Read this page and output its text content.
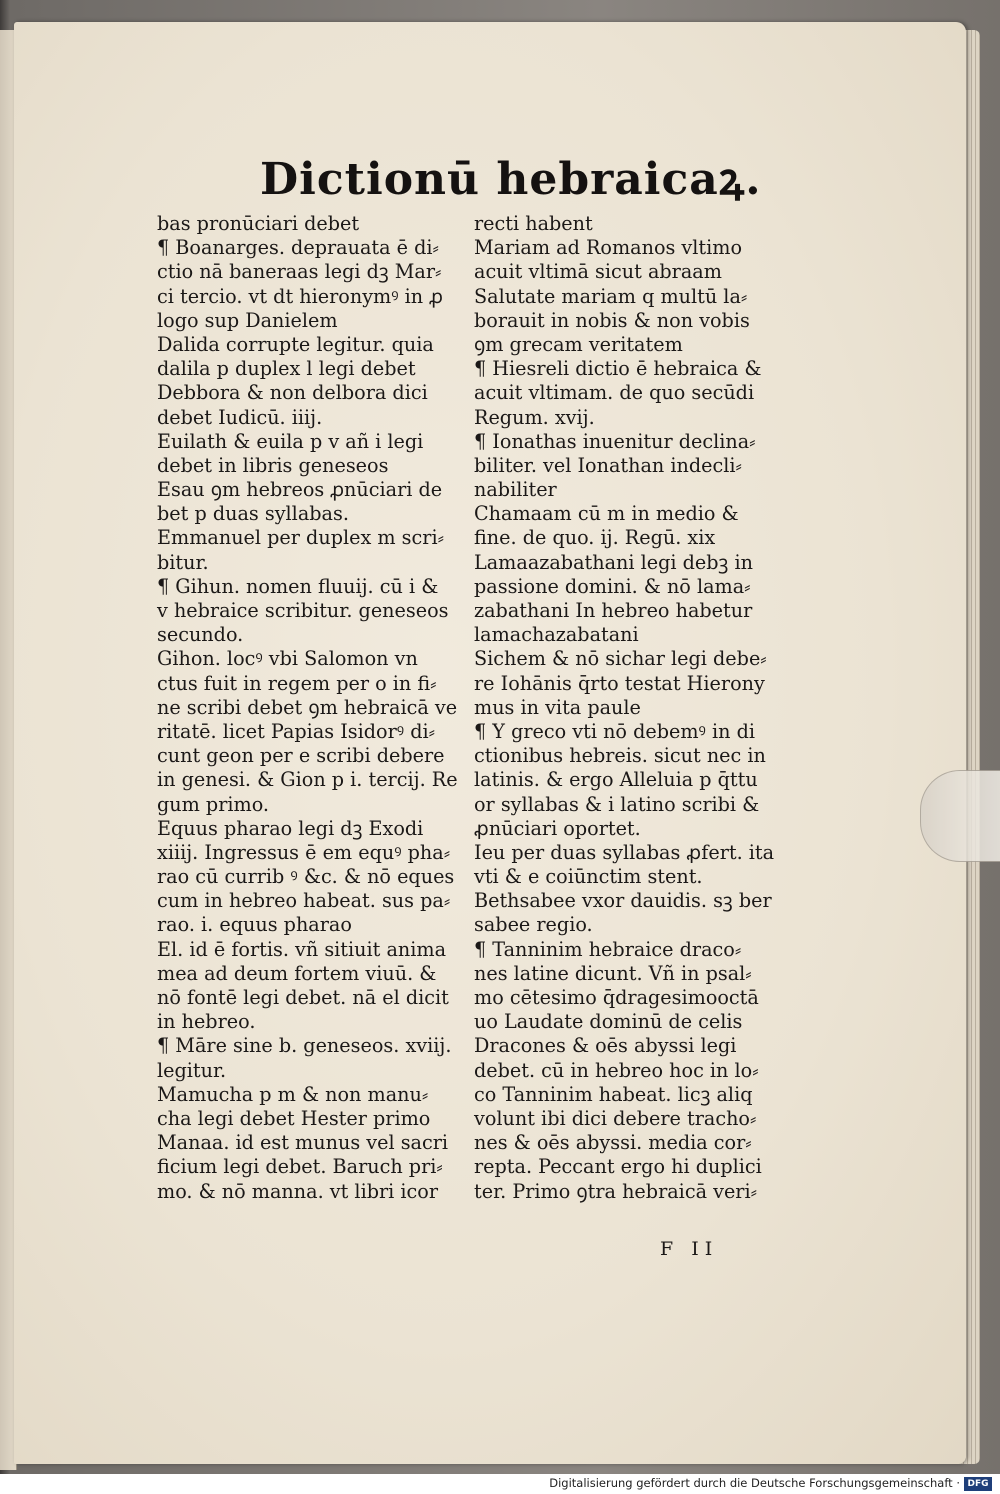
Dictionū hebraicaꝝ.
bas pronūciari debet
¶ Boanarges. deprauata ē di⸗
ctio nā baneraas legi dꝫ Mar⸗
ci tercio. vt dt hieronymꝰ in ꝓ
logo sup Danielem
Dalida corrupte legitur. quia
dalila p duplex l legi debet
Debbora & non delbora dici
debet Iudicū. iiij.
Euilath & euila p v añ i legi
debet in libris geneseos
Esau ꝯm hebreos ꝓnūciari de
bet p duas syllabas.
Emmanuel per duplex m scri⸗
bitur.
¶ Gihun. nomen fluuij. cū i &
v hebraice scribitur. geneseos
secundo.
Gihon. locꝰ vbi Salomon vn
ctus fuit in regem per o in fi⸗
ne scribi debet ꝯm hebraicā ve
ritatē. licet Papias Isidorꝰ di⸗
cunt geon per e scribi debere
in genesi. & Gion p i. tercij. Re
gum primo.
Equus pharao legi dꝫ Exodi
xiiij. Ingressus ē em equꝰ pha⸗
rao cū currib ꝰ &c. & nō eques
cum in hebreo habeat. sus pa⸗
rao. i. equus pharao
El. id ē fortis. vñ sitiuit anima
mea ad deum fortem viuū. &
nō fontē legi debet. nā el dicit
in hebreo.
¶ Māre sine b. geneseos. xviij.
legitur.
Mamucha p m & non manu⸗
cha legi debet Hester primo
Manaa. id est munus vel sacri
ficium legi debet. Baruch pri⸗
mo. & nō manna. vt libri icor
recti habent
Mariam ad Romanos vltimo
acuit vltimā sicut abraam
Salutate mariam q multū la⸗
borauit in nobis & non vobis
ꝯm grecam veritatem
¶ Hiesreli dictio ē hebraica &
acuit vltimam. de quo secūdi
Regum. xvij.
¶ Ionathas inuenitur declina⸗
biliter. vel Ionathan indecli⸗
nabiliter
Chamaam cū m in medio &
fine. de quo. ij. Regū. xix
Lamaazabathani legi debꝫ in
passione domini. & nō lama⸗
zabathani In hebreo habetur
lamachazabatani
Sichem & nō sichar legi debe⸗
re Iohānis q̄rto testat Hierony
mus in vita paule
¶ Y greco vti nō debemꝰ in di
ctionibus hebreis. sicut nec in
latinis. & ergo Alleluia p q̄ttu
or syllabas & i latino scribi &
ꝓnūciari oportet.
Ieu per duas syllabas ꝓfert. ita
vti & e coiūnctim stent.
Bethsabee vxor dauidis. sꝫ ber
sabee regio.
¶ Tanninim hebraice draco⸗
nes latine dicunt. Vñ in psal⸗
mo cētesimo q̄dragesimooctā
uo Laudate dominū de celis
Dracones & oēs abyssi legi
debet. cū in hebreo hoc in lo⸗
co Tanninim habeat. licꝫ aliq
volunt ibi dici debere tracho⸗
nes & oēs abyssi. media cor⸗
repta. Peccant ergo hi duplici
ter. Primo ꝯtra hebraicā veri⸗
F II
Digitalisierung gefördert durch die Deutsche Forschungsgemeinschaft · DFG
